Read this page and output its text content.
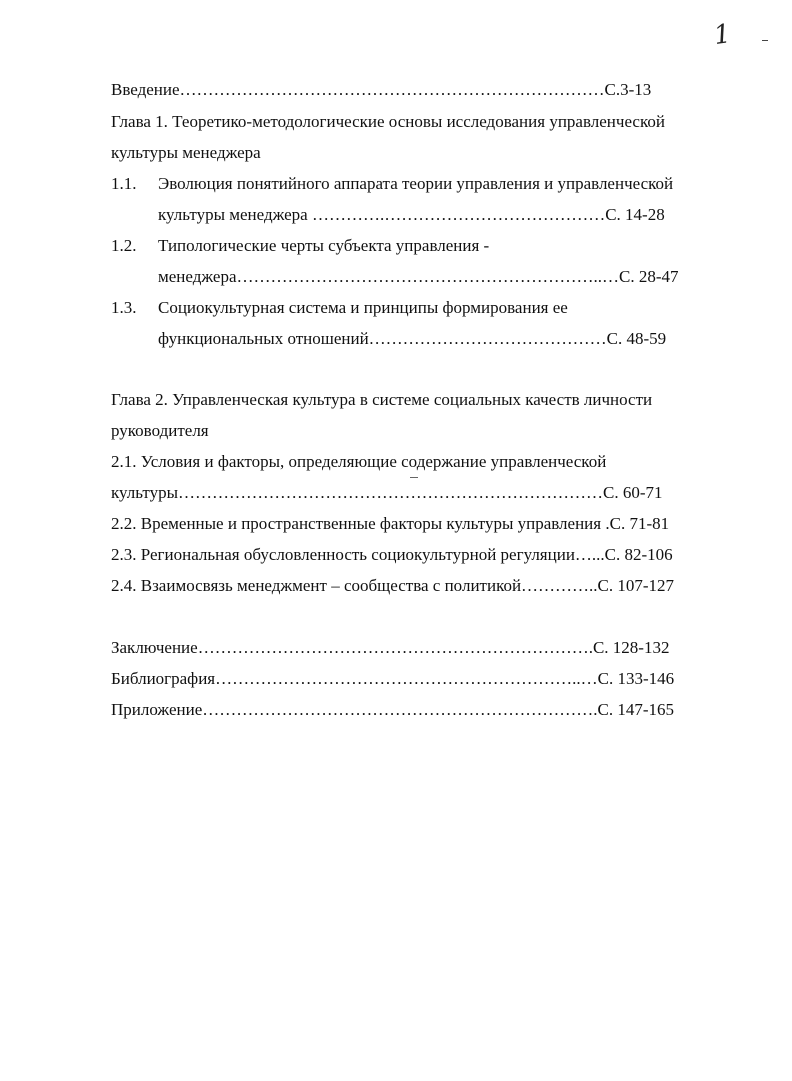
1
Введение…………………………………………………………………С.3-13
Глава 1. Теоретико-методологические основы исследования управленческой
культуры менеджера
1.1. Эволюция понятийного аппарата теории управления и управленческой
культуры менеджера ………….…………………………………С. 14-28
1.2. Типологические черты субъекта управления -
менеджера………………………………………………………..…С. 28-47
1.3. Социокультурная система и принципы формирования ее
функциональных отношений……………………………………С. 48-59
Глава 2. Управленческая культура в системе социальных качеств личности
руководителя
2.1. Условия и факторы, определяющие содержание управленческой
культуры…………………………………………………………………С. 60-71
2.2. Временные и пространственные факторы культуры управления .С. 71-81
2.3. Региональная обусловленность социокультурной регуляции…...С. 82-106
2.4. Взаимосвязь менеджмент – сообщества с политикой…………..С. 107-127
Заключение…………………………………………………………….С. 128-132
Библиография………………………………………………………..…С. 133-146
Приложение…………………………………………………………….С. 147-165
